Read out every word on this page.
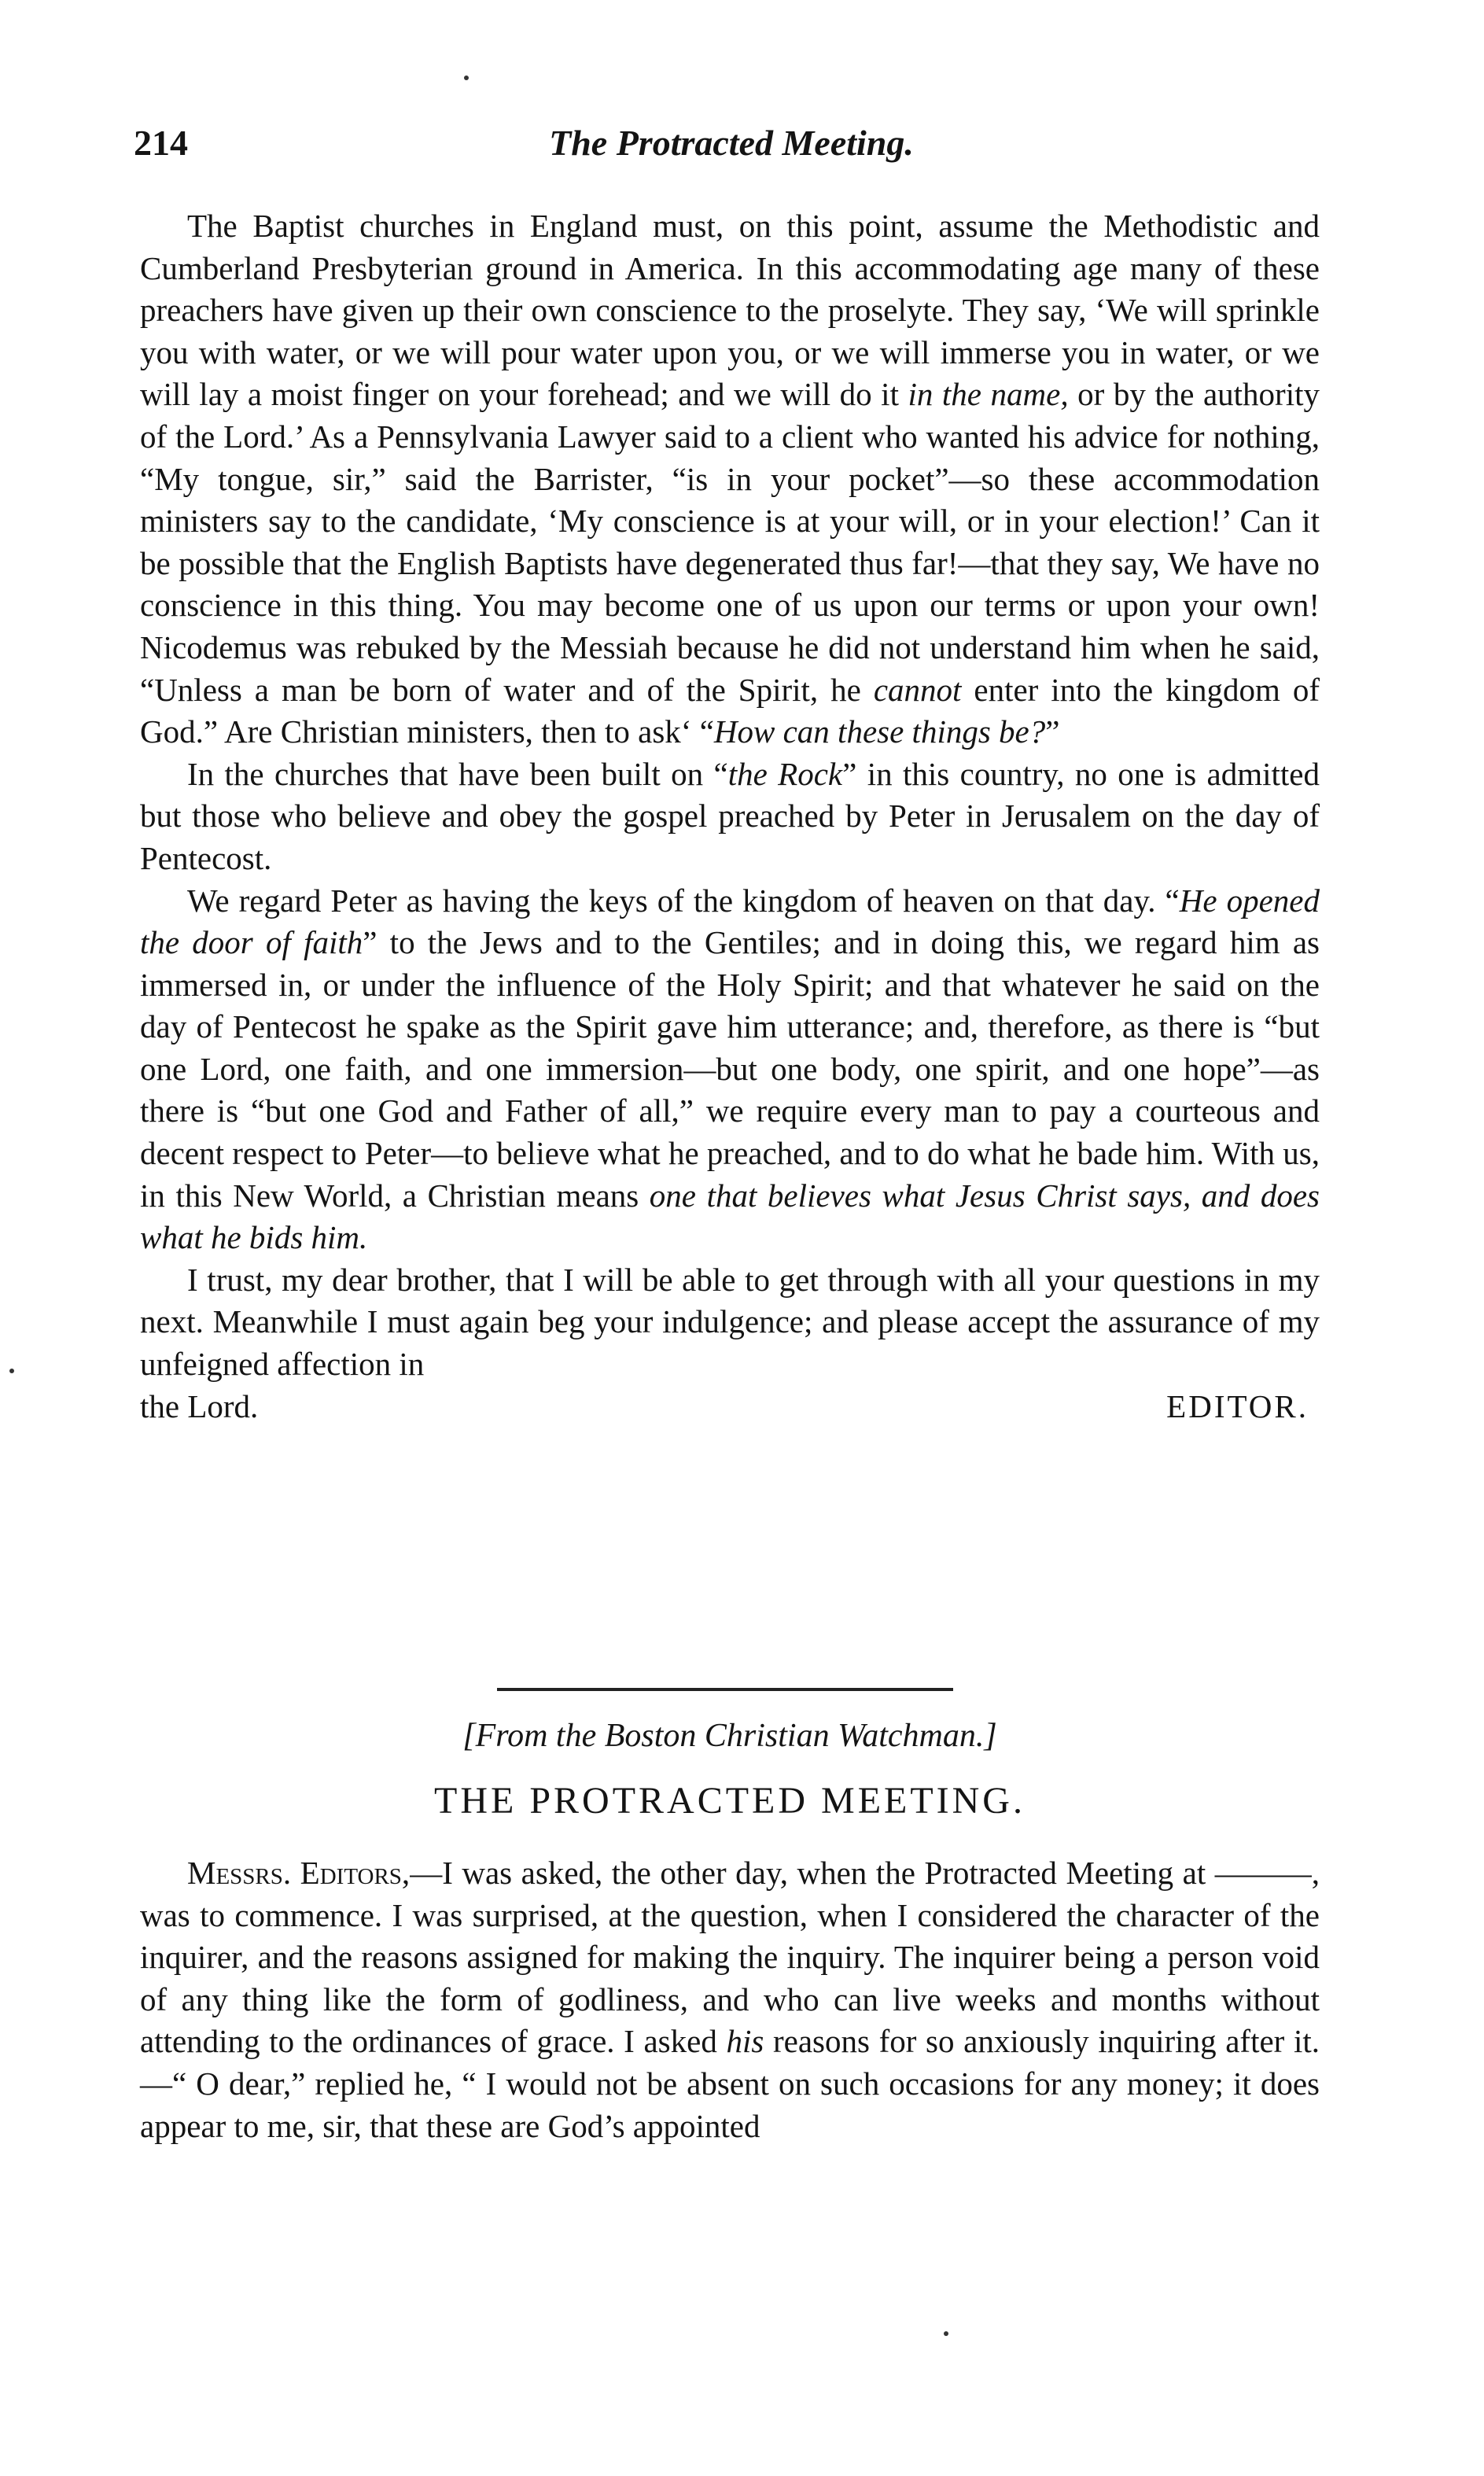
214	The Protracted Meeting.

The Baptist churches in England must, on this point, assume the Methodistic and Cumberland Presbyterian ground in America. In this accommodating age many of these preachers have given up their own conscience to the proselyte. They say, ‘We will sprinkle you with water, or we will pour water upon you, or we will immerse you in water, or we will lay a moist finger on your forehead; and we will do it in the name, or by the authority of the Lord.’ As a Pennsylvania Lawyer said to a client who wanted his advice for nothing, “My tongue, sir,” said the Barrister, “is in your pocket”—so these accommodation ministers say to the candidate, ‘My conscience is at your will, or in your election!’ Can it be possible that the English Baptists have degenerated thus far!—that they say, We have no conscience in this thing. You may become one of us upon our terms or upon your own! Nicodemus was rebuked by the Messiah because he did not understand him when he said, “Unless a man be born of water and of the Spirit, he cannot enter into the kingdom of God.” Are Christian ministers, then to ask‘ “How can these things be?”

In the churches that have been built on “the Rock” in this country, no one is admitted but those who believe and obey the gospel preached by Peter in Jerusalem on the day of Pentecost.

We regard Peter as having the keys of the kingdom of heaven on that day. “He opened the door of faith” to the Jews and to the Gentiles; and in doing this, we regard him as immersed in, or under the influence of the Holy Spirit; and that whatever he said on the day of Pentecost he spake as the Spirit gave him utterance; and, therefore, as there is “but one Lord, one faith, and one immersion—but one body, one spirit, and one hope”—as there is “but one God and Father of all,” we require every man to pay a courteous and decent respect to Peter—to believe what he preached, and to do what he bade him. With us, in this New World, a Christian means one that believes what Jesus Christ says, and does what he bids him.

I trust, my dear brother, that I will be able to get through with all your questions in my next. Meanwhile I must again beg your indulgence; and please accept the assurance of my unfeigned affection in

the Lord.	EDITOR.
[From the Boston Christian Watchman.]
THE PROTRACTED MEETING.

Messrs. Editors,—I was asked, the other day, when the Protracted Meeting at ———, was to commence. I was surprised, at the question, when I considered the character of the inquirer, and the reasons assigned for making the inquiry. The inquirer being a person void of any thing like the form of godliness, and who can live weeks and months without attending to the ordinances of grace. I asked his reasons for so anxiously inquiring after it.—“ O dear,” replied he, “ I would not be absent on such occasions for any money; it does appear to me, sir, that these are God’s appointed
